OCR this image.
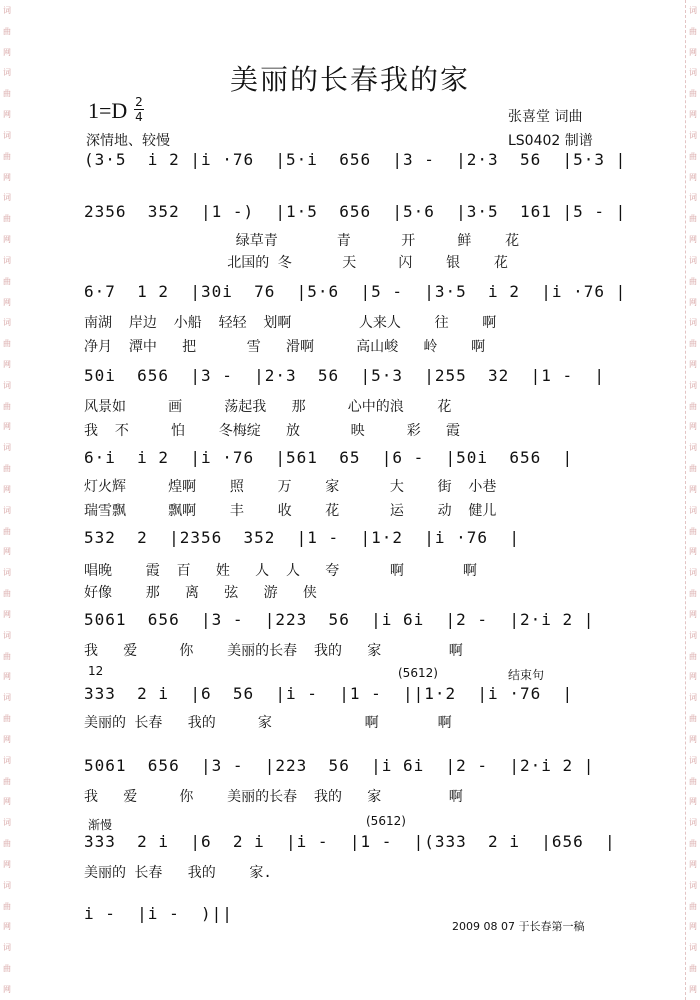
词
曲
网
词
曲
网
词
曲
网
词
曲
网
词
曲
网
词
曲
网
词
曲
网
词
曲
网
词
曲
网
词
曲
网
词
曲
网
词
曲
网
词
曲
网
词
曲
网
词
曲
网
词
曲
网
词
曲
网
词
曲
网
词
曲
网
词
曲
网
词
曲
网
词
曲
网
词
曲
网
词
曲
网
词
曲
网
词
曲
网
词
曲
网
词
曲
网
词
曲
网
词
曲
网
词
曲
网
词
曲
网
美丽的长春我的家
1=D 2
4
深情地、较慢
张喜堂 词曲
LS0402 制谱
(3·5  i 2 |i ·76  |5·i  656  |3 -  |2·3  56  |5·3 |
2356  352  |1 -)  |1·5  656  |5·6  |3·5  161 |5 - |
绿草青       青      开     鲜    花
北国的 冬      天     闪    银    花
6·7  1 2  |30i  76  |5·6  |5 -  |3·5  i 2  |i ·76 |
南湖  岸边  小船  轻轻  划啊        人来人    往    啊
净月  潭中   把      雪   滑啊     高山峻   岭    啊
50i  656  |3 -  |2·3  56  |5·3  |255  32  |1 -  |
风景如     画     荡起我   那     心中的浪    花
我  不     怕    冬梅绽   放      映     彩   霞
6·i  i 2  |i ·76  |561  65  |6 -  |50i  656  |
灯火辉     煌啊    照    万    家      大    街  小巷
瑞雪飘     飘啊    丰    收    花      运    动  健儿
532  2  |2356  352  |1 -  |1·2  |i ·76  |
唱晚    霞  百   姓   人  人   夸      啊       啊
好像    那   离   弦   游   侠
5061  656  |3 -  |223  56  |i 6i  |2 -  |2·i 2 |
我   爱     你    美丽的长春  我的   家        啊
333  2 i  |6  56  |i -  |1 -  ||1·2  |i ·76  |
美丽的 长春   我的     家           啊       啊
5061  656  |3 -  |223  56  |i 6i  |2 -  |2·i 2 |
我   爱     你    美丽的长春  我的   家        啊
333  2 i  |6  2 i  |i -  |1 -  |(333  2 i  |656  |
美丽的 长春   我的    家.
i -  |i -  )||
12	(5612)	结束句
渐慢	(5612)
2009 08 07 于长春第一稿
